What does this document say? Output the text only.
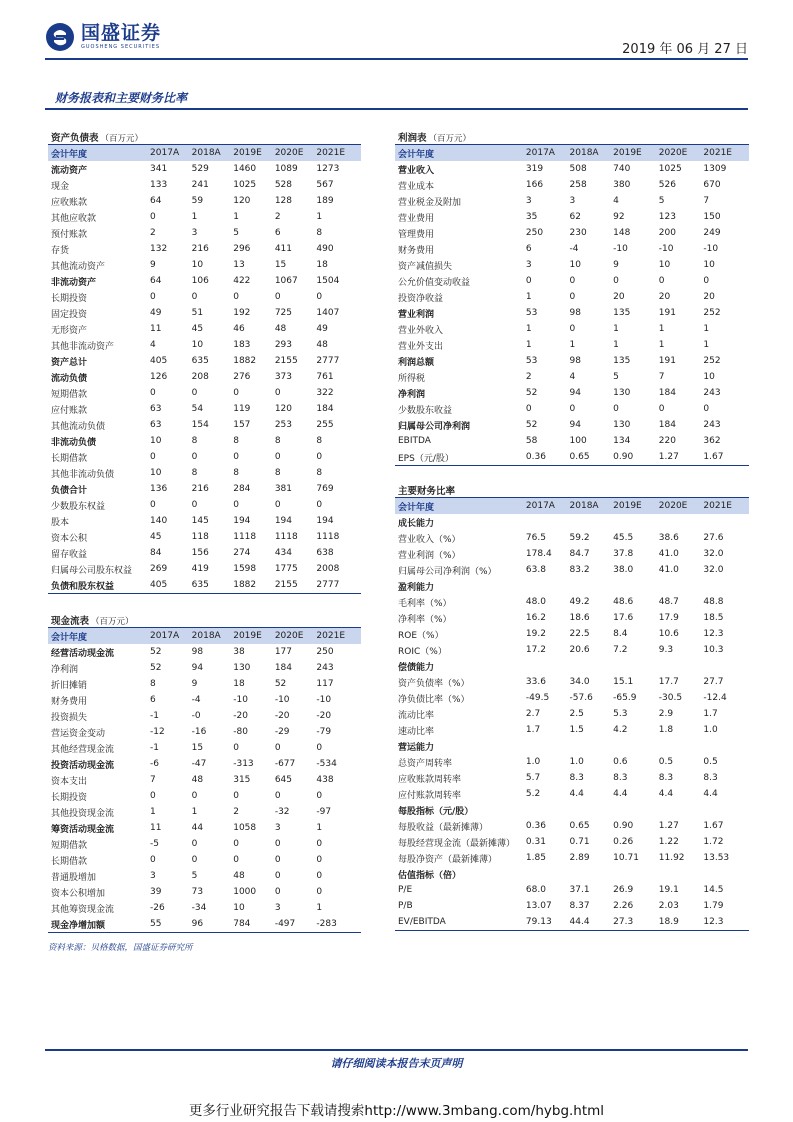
国盛证券
GUOSHENG SECURITIES	2019 年 06 月 27 日
财务报表和主要财务比率
资产负债表 （百万元）
会计年度	2017A	2018A	2019E	2020E	2021E
流动资产	341	529	1460	1089	1273
现金	133	241	1025	528	567
应收账款	64	59	120	128	189
其他应收款	0	1	1	2	1
预付账款	2	3	5	6	8
存货	132	216	296	411	490
其他流动资产	9	10	13	15	18
非流动资产	64	106	422	1067	1504
长期投资	0	0	0	0	0
固定投资	49	51	192	725	1407
无形资产	11	45	46	48	49
其他非流动资产	4	10	183	293	48
资产总计	405	635	1882	2155	2777
流动负债	126	208	276	373	761
短期借款	0	0	0	0	322
应付账款	63	54	119	120	184
其他流动负债	63	154	157	253	255
非流动负债	10	8	8	8	8
长期借款	0	0	0	0	0
其他非流动负债	10	8	8	8	8
负债合计	136	216	284	381	769
少数股东权益	0	0	0	0	0
股本	140	145	194	194	194
资本公积	45	118	1118	1118	1118
留存收益	84	156	274	434	638
归属母公司股东权益	269	419	1598	1775	2008
负债和股东权益	405	635	1882	2155	2777
现金流表 （百万元）
会计年度	2017A	2018A	2019E	2020E	2021E
经营活动现金流	52	98	38	177	250
净利润	52	94	130	184	243
折旧摊销	8	9	18	52	117
财务费用	6	-4	-10	-10	-10
投资损失	-1	-0	-20	-20	-20
营运资金变动	-12	-16	-80	-29	-79
其他经营现金流	-1	15	0	0	0
投资活动现金流	-6	-47	-313	-677	-534
资本支出	7	48	315	645	438
长期投资	0	0	0	0	0
其他投资现金流	1	1	2	-32	-97
筹资活动现金流	11	44	1058	3	1
短期借款	-5	0	0	0	0
长期借款	0	0	0	0	0
普通股增加	3	5	48	0	0
资本公积增加	39	73	1000	0	0
其他筹资现金流	-26	-34	10	3	1
现金净增加额	55	96	784	-497	-283
利润表 （百万元）
会计年度	2017A	2018A	2019E	2020E	2021E
营业收入	319	508	740	1025	1309
营业成本	166	258	380	526	670
营业税金及附加	3	3	4	5	7
营业费用	35	62	92	123	150
管理费用	250	230	148	200	249
财务费用	6	-4	-10	-10	-10
资产减值损失	3	10	9	10	10
公允价值变动收益	0	0	0	0	0
投资净收益	1	0	20	20	20
营业利润	53	98	135	191	252
营业外收入	1	0	1	1	1
营业外支出	1	1	1	1	1
利润总额	53	98	135	191	252
所得税	2	4	5	7	10
净利润	52	94	130	184	243
少数股东收益	0	0	0	0	0
归属母公司净利润	52	94	130	184	243
EBITDA	58	100	134	220	362
EPS（元/股）	0.36	0.65	0.90	1.27	1.67
主要财务比率
会计年度	2017A	2018A	2019E	2020E	2021E
成长能力
营业收入（%）	76.5	59.2	45.5	38.6	27.6
营业利润（%）	178.4	84.7	37.8	41.0	32.0
归属母公司净利润（%）	63.8	83.2	38.0	41.0	32.0
盈利能力
毛利率（%）	48.0	49.2	48.6	48.7	48.8
净利率（%）	16.2	18.6	17.6	17.9	18.5
ROE（%）	19.2	22.5	8.4	10.6	12.3
ROIC（%）	17.2	20.6	7.2	9.3	10.3
偿债能力
资产负债率（%）	33.6	34.0	15.1	17.7	27.7
净负债比率（%）	-49.5	-57.6	-65.9	-30.5	-12.4
流动比率	2.7	2.5	5.3	2.9	1.7
速动比率	1.7	1.5	4.2	1.8	1.0
营运能力
总资产周转率	1.0	1.0	0.6	0.5	0.5
应收账款周转率	5.7	8.3	8.3	8.3	8.3
应付账款周转率	5.2	4.4	4.4	4.4	4.4
每股指标（元/股）
每股收益（最新摊薄）	0.36	0.65	0.90	1.27	1.67
每股经营现金流（最新摊薄）	0.31	0.71	0.26	1.22	1.72
每股净资产（最新摊薄）	1.85	2.89	10.71	11.92	13.53
估值指标（倍）
P/E	68.0	37.1	26.9	19.1	14.5
P/B	13.07	8.37	2.26	2.03	1.79
EV/EBITDA	79.13	44.4	27.3	18.9	12.3
资料来源：贝格数据，国盛证券研究所
请仔细阅读本报告末页声明
更多行业研究报告下载请搜索http://www.3mbang.com/hybg.html
